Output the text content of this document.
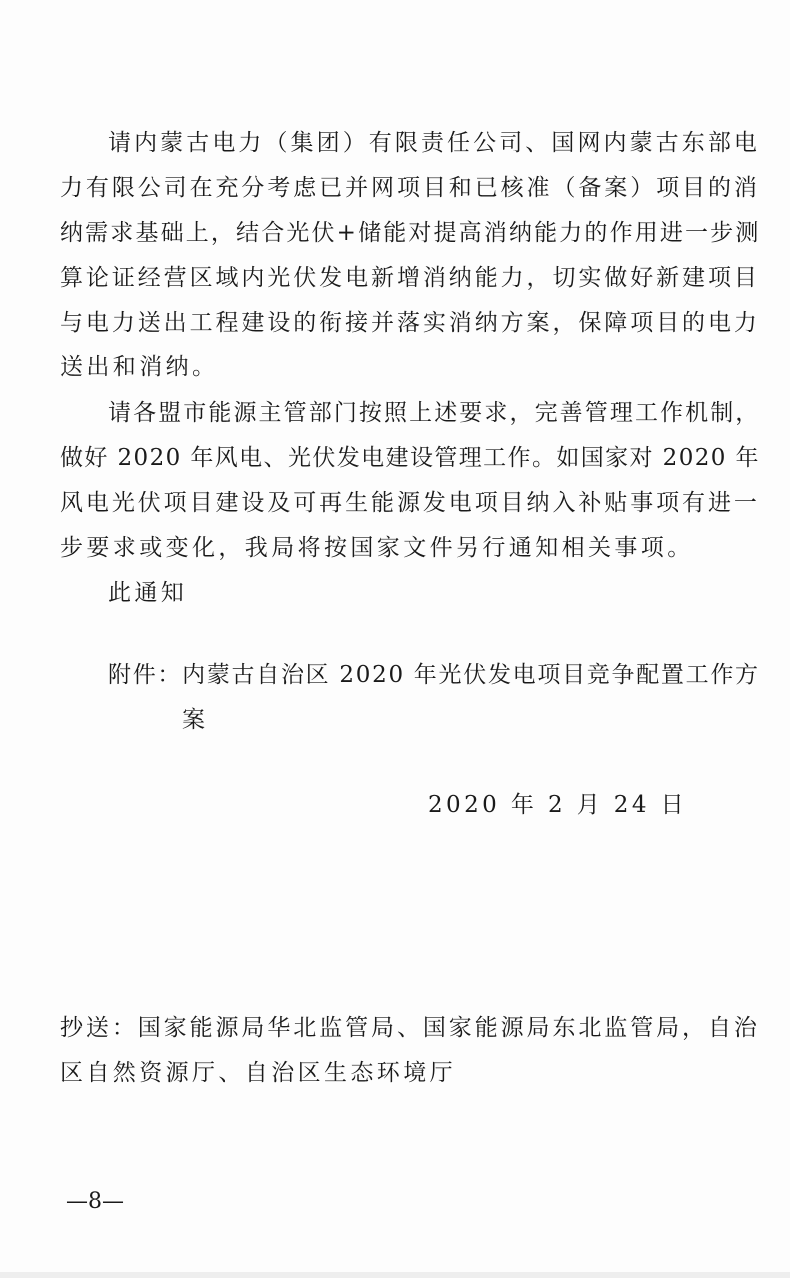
请内蒙古电力（集团）有限责任公司、国网内蒙古东部电
力有限公司在充分考虑已并网项目和已核准（备案）项目的消
纳需求基础上，结合光伏+储能对提高消纳能力的作用进一步测
算论证经营区域内光伏发电新增消纳能力，切实做好新建项目
与电力送出工程建设的衔接并落实消纳方案，保障项目的电力
送出和消纳。
请各盟市能源主管部门按照上述要求，完善管理工作机制，
做好 2020 年风电、光伏发电建设管理工作。如国家对 2020 年
风电光伏项目建设及可再生能源发电项目纳入补贴事项有进一
步要求或变化，我局将按国家文件另行通知相关事项。
此通知
附件：内蒙古自治区 2020 年光伏发电项目竞争配置工作方
案
2020 年 2 月 24 日
抄送：国家能源局华北监管局、国家能源局东北监管局，自治
区自然资源厅、自治区生态环境厅
—8—
